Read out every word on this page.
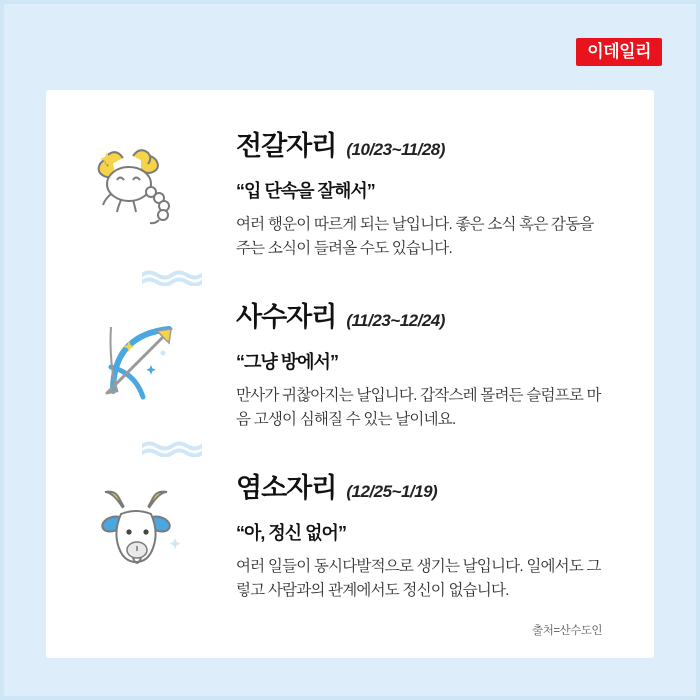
이데일리
전갈자리 (10/23~11/28)
“입 단속을 잘해서”
여러 행운이 따르게 되는 날입니다. 좋은 소식 혹은 감동을 주는 소식이 들려올 수도 있습니다.
사수자리 (11/23~12/24)
“그냥 방에서”
만사가 귀찮아지는 날입니다. 갑작스레 몰려든 슬럼프로 마음 고생이 심해질 수 있는 날이네요.
염소자리 (12/25~1/19)
“아, 정신 없어”
여러 일들이 동시다발적으로 생기는 날입니다. 일에서도 그렇고 사람과의 관계에서도 정신이 없습니다.
출처=산수도인
